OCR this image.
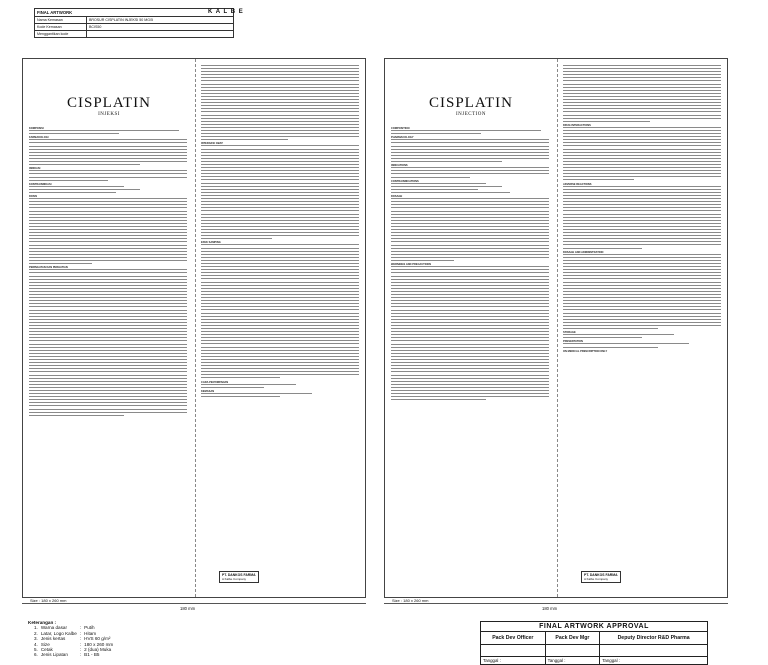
FINAL ARTWORK	
Nama Kemasan	BROSUR CISPLATIN INJEKSI 50 MG/5
Kode Kemasan	BCIS50
Menggantikan kode	
K A L B E
CISPLATIN
INJEKSI
KOMPOSISI
FARMAKOLOGI
INDIKASI
KONTRAINDIKASI
DOSIS
PERINGATAN DAN PERHATIAN
INTERAKSI OBAT
EFEK SAMPING
CARA PENYIMPANAN
KEMASAN
PT. DANKOS FARMA
A Kalbe Company
CISPLATIN
INJECTION
COMPOSITION
PHARMACOLOGY
INDICATIONS
CONTRAINDICATIONS
DOSAGE
WARNINGS AND PRECAUTIONS
DRUG INTERACTIONS
ADVERSE REACTIONS
DOSAGE AND ADMINISTRATION
STORAGE
PRESENTATION
ON MEDICAL PRESCRIPTION ONLY
PT. DANKOS FARMA
A Kalbe Company
Size : 180 x 260 mm	Size : 180 x 260 mm
180 mm	180 mm
Keterangan :
1.	Warna dasar	:	Putih
2.	Latar, Logo Kalbe	:	Hitam
3.	Jenis kertas	:	HVS 60 g/m²
4.	Size	:	180 x 260 mm
5.	Cetak	:	2 (dua) Muka
6.	Jenis Lipatan	:	B1 - B5
FINAL ARTWORK APPROVAL		
Pack Dev Officer	Pack Dev Mgr	Deputy Director R&D Pharma

Tanggal :	Tanggal :	Tanggal :
